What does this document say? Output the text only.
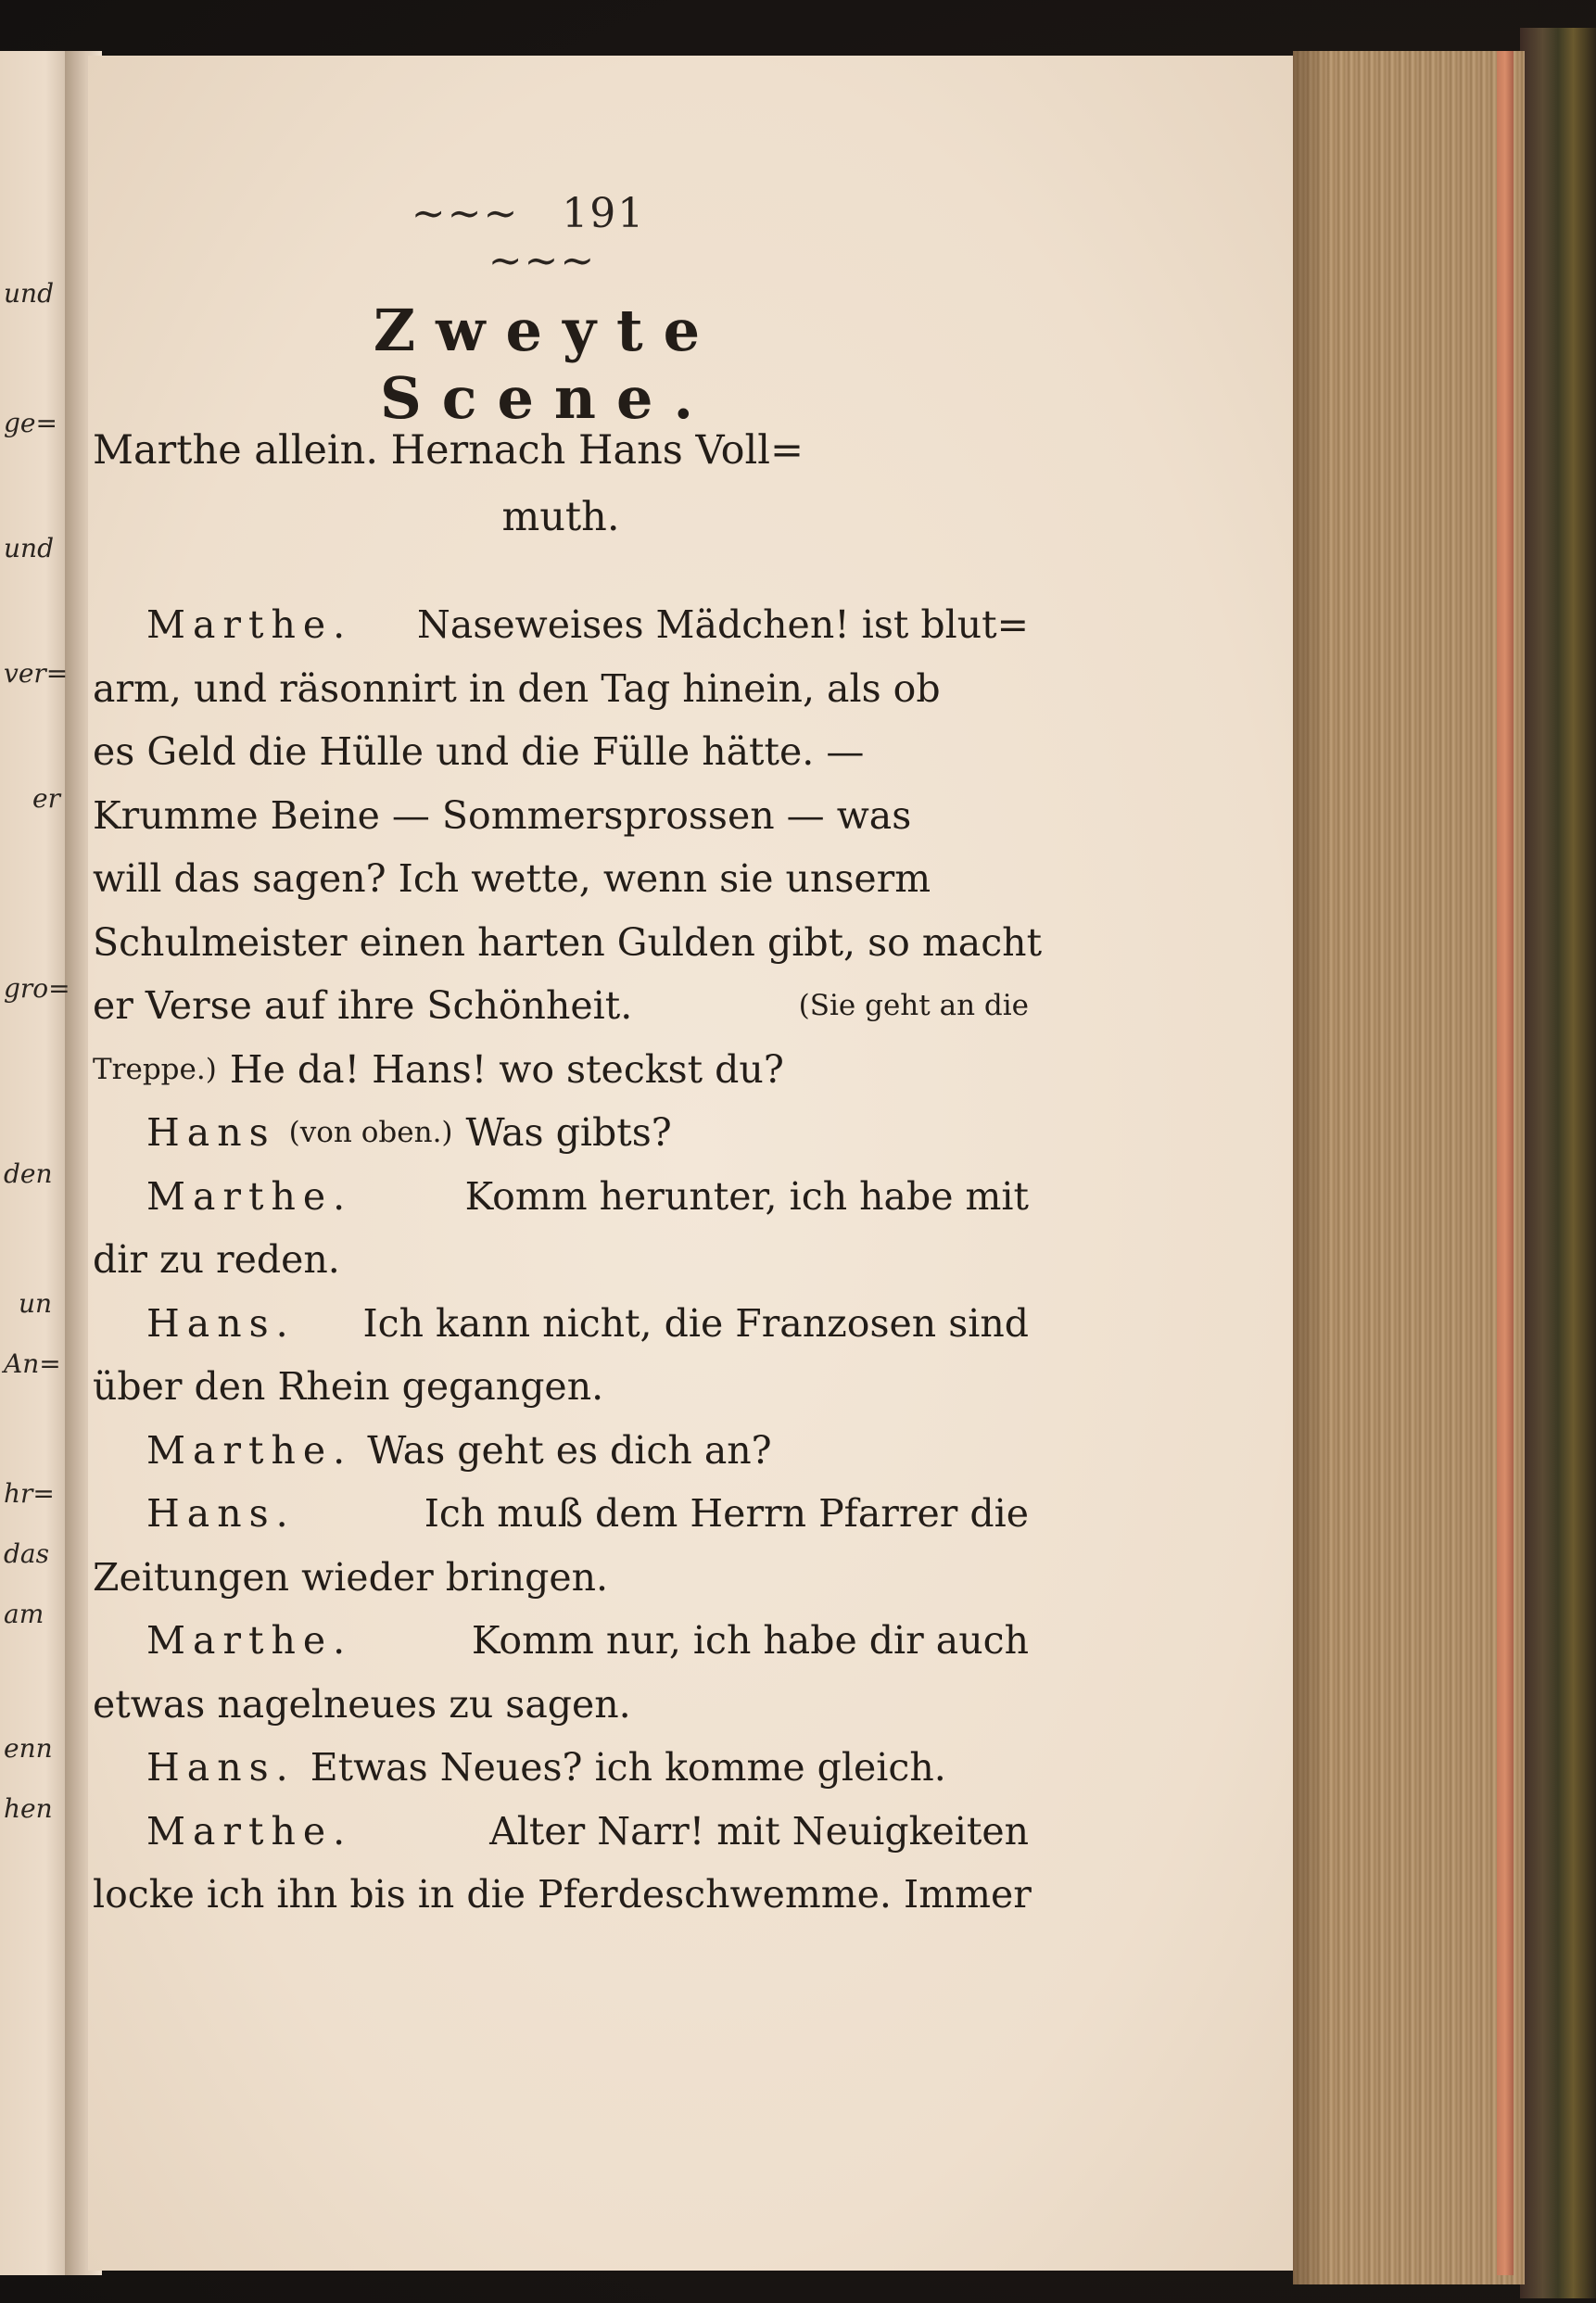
und
ge=
und
ver=
er
gro=
den
un
An=
hr=
das
am
enn
hen
~~~ 191 ~~~
Zweyte Scene.
Marthe allein. Hernach Hans Voll=
muth.
Marthe. Naseweises Mädchen! ist blut=
arm, und räsonnirt in den Tag hinein, als ob
es Geld die Hülle und die Fülle hätte. —
Krumme Beine — Sommersprossen — was
will das sagen? Ich wette, wenn sie unserm
Schulmeister einen harten Gulden gibt, so macht
er Verse auf ihre Schönheit.	(Sie geht an die
Treppe.) He da! Hans! wo steckst du?
Hans (von oben.) Was gibts?
Marthe.	Komm herunter, ich habe mit
dir zu reden.
Hans. Ich kann nicht, die Franzosen sind
über den Rhein gegangen.
Marthe. Was geht es dich an?
Hans.	Ich muß dem Herrn Pfarrer die
Zeitungen wieder bringen.
Marthe.	Komm nur, ich habe dir auch
etwas nagelneues zu sagen.
Hans. Etwas Neues? ich komme gleich.
Marthe.	Alter Narr! mit Neuigkeiten
locke ich ihn bis in die Pferdeschwemme. Immer
